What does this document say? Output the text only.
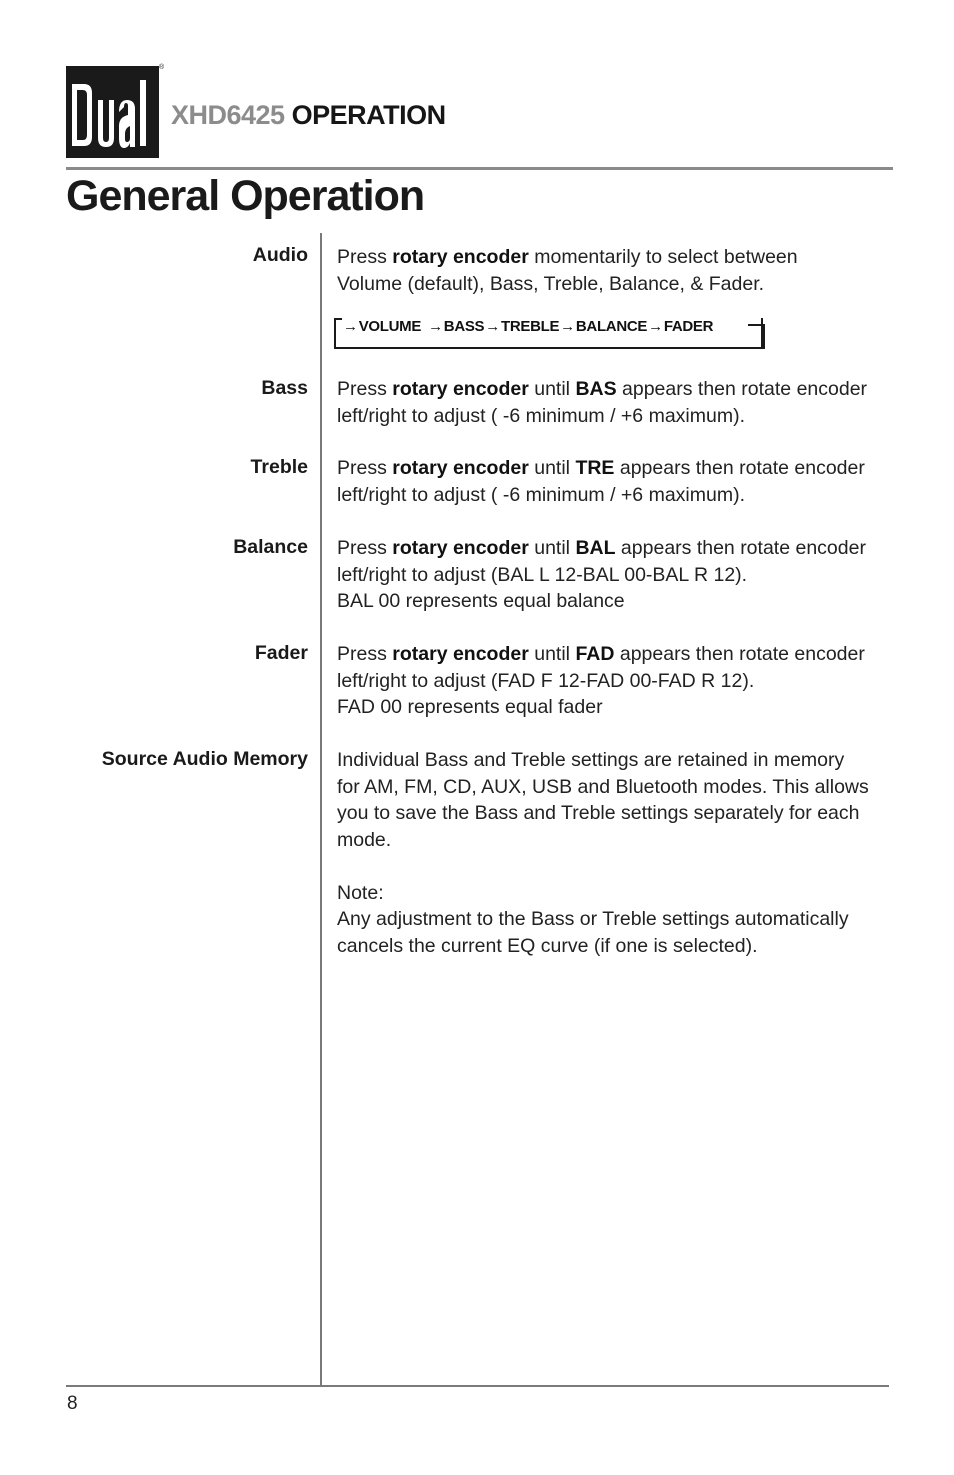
®
XHD6425 OPERATION
General Operation
Audio Press rotary encoder momentarily to select between
Volume (default), Bass, Treble, Balance, & Fader.
→ VOLUME → BASS → TREBLE → BALANCE → FADER
Bass Press rotary encoder until BAS appears then rotate encoder
left/right to adjust ( -6 minimum / +6 maximum).
Treble Press rotary encoder until TRE appears then rotate encoder
left/right to adjust ( -6 minimum / +6 maximum).
Balance Press rotary encoder until BAL appears then rotate encoder
left/right to adjust (BAL L 12-BAL 00-BAL R 12).
BAL 00 represents equal balance
Fader Press rotary encoder until FAD appears then rotate encoder
left/right to adjust (FAD F 12-FAD 00-FAD R 12).
FAD 00 represents equal fader
Source Audio Memory Individual Bass and Treble settings are retained in memory
for AM, FM, CD, AUX, USB and Bluetooth modes. This allows
you to save the Bass and Treble settings separately for each
mode.

Note:
Any adjustment to the Bass or Treble settings automatically
cancels the current EQ curve (if one is selected).
8
